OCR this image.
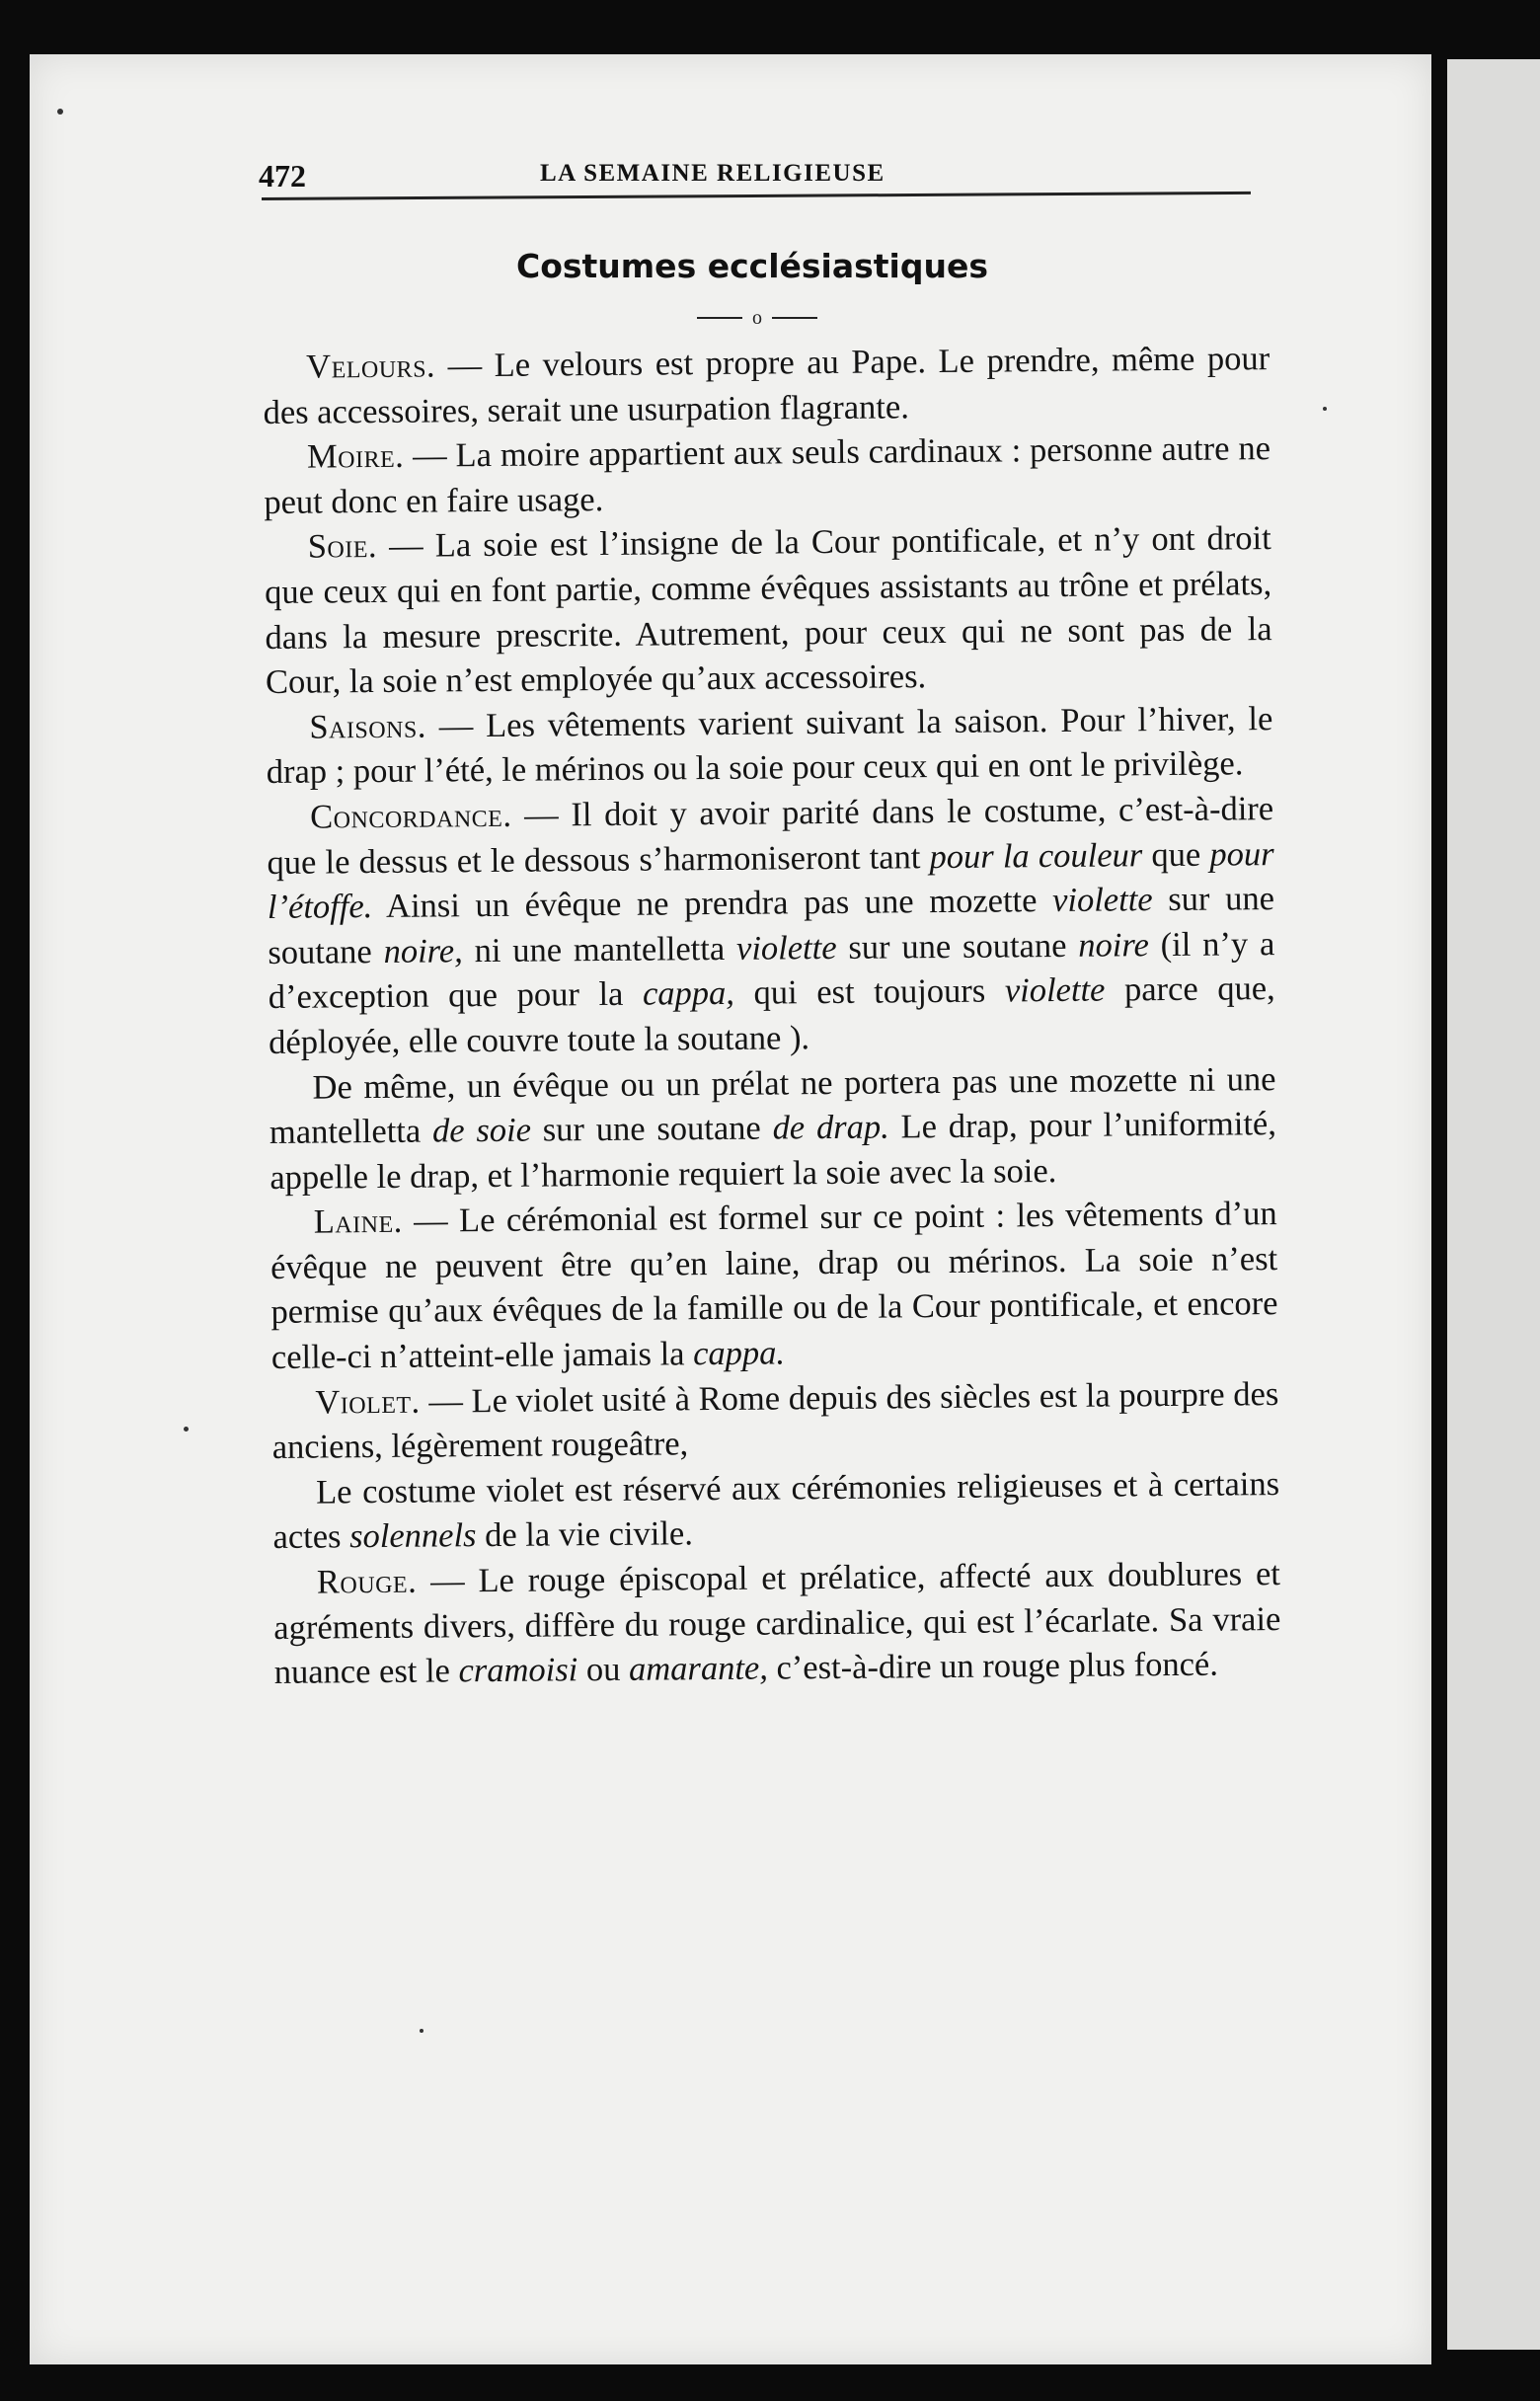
472	LA SEMAINE RELIGIEUSE
Costumes ecclésiastiques
o

Velours. — Le velours est propre au Pape. Le prendre, même pour des accessoires, serait une usurpation flagrante.

Moire. — La moire appartient aux seuls cardinaux : personne autre ne peut donc en faire usage.

Soie. — La soie est l’insigne de la Cour pontificale, et n’y ont droit que ceux qui en font partie, comme évêques assistants au trône et prélats, dans la mesure prescrite. Autrement, pour ceux qui ne sont pas de la Cour, la soie n’est employée qu’aux accessoires.

Saisons. — Les vêtements varient suivant la saison. Pour l’hiver, le drap ; pour l’été, le mérinos ou la soie pour ceux qui en ont le privilège.

Concordance. — Il doit y avoir parité dans le costume, c’est-à-dire que le dessus et le dessous s’harmoniseront tant pour la couleur que pour l’étoffe. Ainsi un évêque ne prendra pas une mozette violette sur une soutane noire, ni une mantelletta violette sur une soutane noire (il n’y a d’exception que pour la cappa, qui est toujours violette parce que, déployée, elle couvre toute la soutane ).

De même, un évêque ou un prélat ne portera pas une mozette ni une mantelletta de soie sur une soutane de drap. Le drap, pour l’uniformité, appelle le drap, et l’harmonie requiert la soie avec la soie.

Laine. — Le cérémonial est formel sur ce point : les vêtements d’un évêque ne peuvent être qu’en laine, drap ou mérinos. La soie n’est permise qu’aux évêques de la famille ou de la Cour pontificale, et encore celle-ci n’atteint-elle jamais la cappa.

Violet. — Le violet usité à Rome depuis des siècles est la pourpre des anciens, légèrement rougeâtre,

Le costume violet est réservé aux cérémonies religieuses et à certains actes solennels de la vie civile.

Rouge. — Le rouge épiscopal et prélatice, affecté aux doublures et agréments divers, diffère du rouge cardinalice, qui est l’écarlate. Sa vraie nuance est le cramoisi ou amarante, c’est-à-dire un rouge plus foncé.
